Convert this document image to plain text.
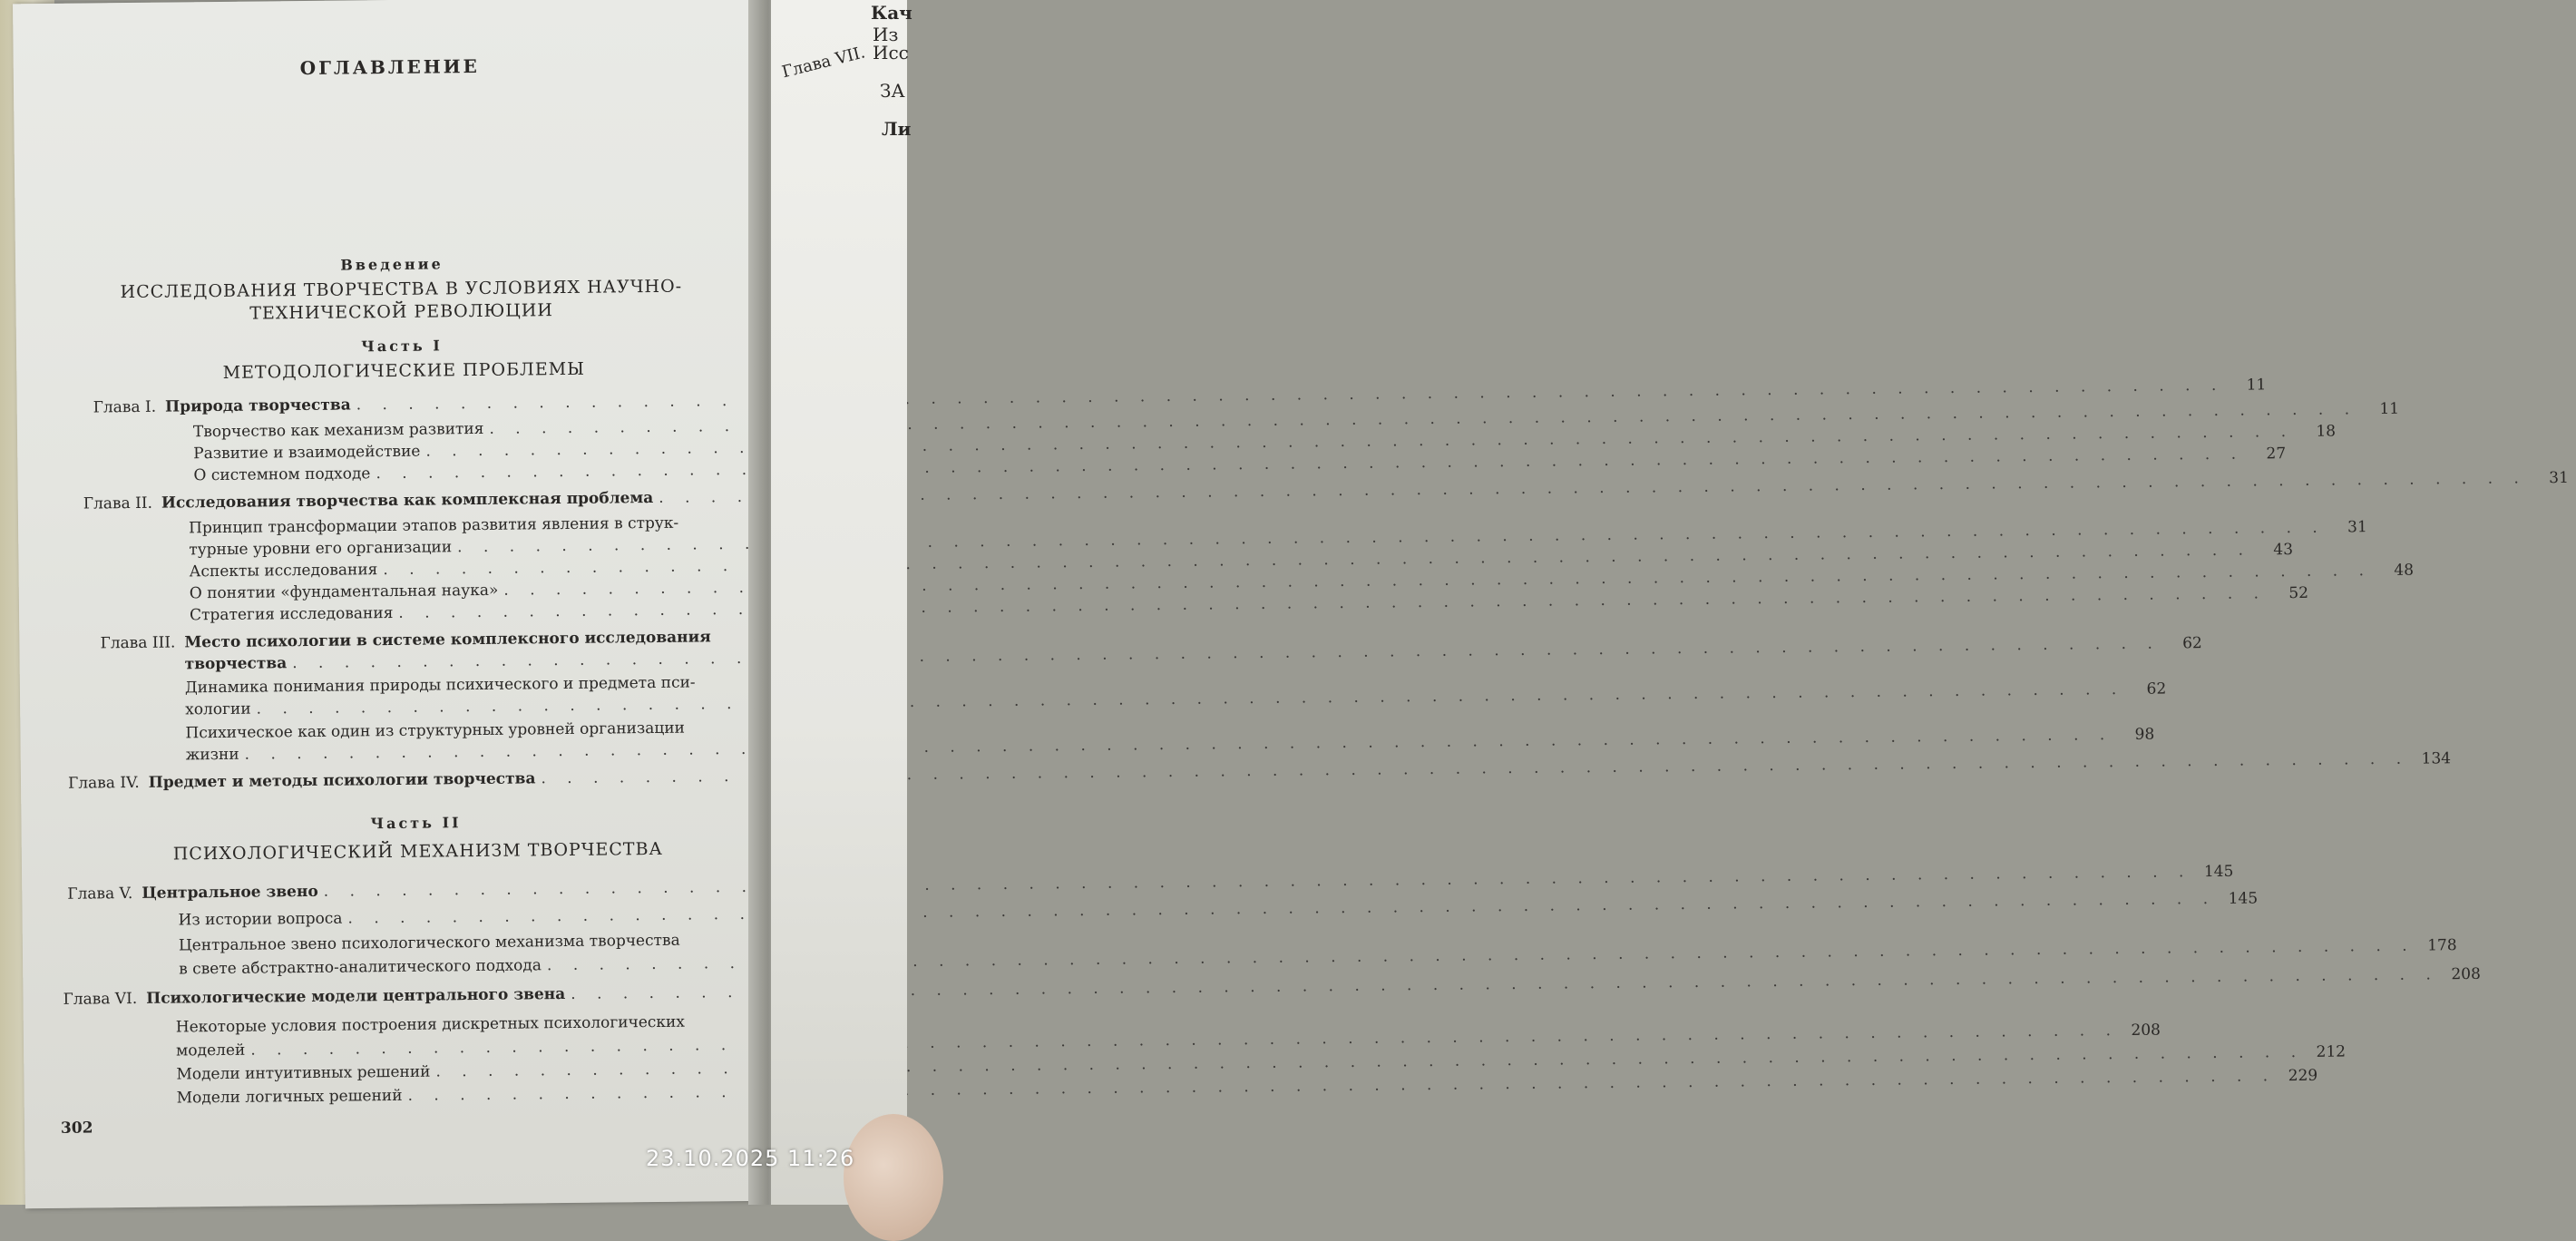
ОГЛАВЛЕНИЕ
Введение
ИССЛЕДОВАНИЯ ТВОРЧЕСТВА В УСЛОВИЯХ НАУЧНО-
ТЕХНИЧЕСКОЙ РЕВОЛЮЦИИ
Часть I
МЕТОДОЛОГИЧЕСКИЕ ПРОБЛЕМЫ
Глава I. Природа творчества
. . .
11
Творчество как механизм развития
. . .
11
Развитие и взаимодействие
. . .
18
О системном подходе
. . .
27
Глава II. Исследования творчества как комплексная проблема
. . .
31
Принцип трансформации этапов развития явления в струк-
турные уровни его организации
. . .
31
Аспекты исследования
. . .
43
О понятии «фундаментальная наука»
. . .
48
Стратегия исследования
. . .
52
Глава III. Место психологии в системе комплексного исследования
творчества
. . .
62
Динамика понимания природы психического и предмета пси-
хологии
. . .
62
Психическое как один из структурных уровней организации
жизни
. . .
98
Глава IV. Предмет и методы психологии творчества
. . .
134
Часть II
ПСИХОЛОГИЧЕСКИЙ МЕХАНИЗМ ТВОРЧЕСТВА
Глава V. Центральное звено
. . .
145
Из истории вопроса
. . .
145
Центральное звено психологического механизма творчества
в свете абстрактно-аналитического подхода
. . .
178
Глава VI. Психологические модели центрального звена
. . .
208
Некоторые условия построения дискретных психологических
моделей
. . .
208
Модели интуитивных решений
. . .
212
Модели логичных решений
. . .
229
302
Глава VII.
Кач
Из
Исс
ЗА
Ли
23.10.2025 11:26
